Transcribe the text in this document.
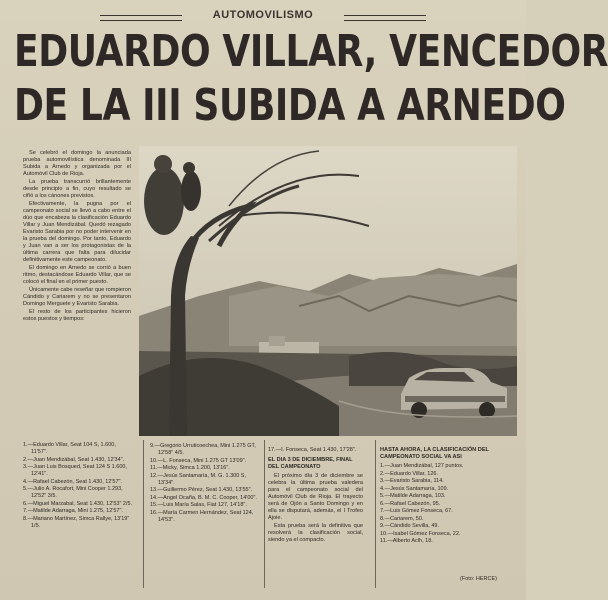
AUTOMOVILISMO
EDUARDO VILLAR, VENCEDOR
DE LA III SUBIDA A ARNEDO

Se celebró el domingo la anunciada prueba automovilística denominada III Subida a Arnedo y organizada por el Automóvil Club de Rioja.

La prueba transcurrió brillantemente desde principio a fin, cuyo resultado se ciñó a los cánones previstos.

Efectivamente, la pugna por el campeonato social se llevó a cabo entre el dúo que encabeza la clasificación Eduardo Villar y Juan Mendizábal. Quedó rezagado Evaristo Sarabia por no poder intervenir en la prueba del domingo. Por tanto, Eduardo y Juan van a ser los protagonistas de la última carrera que falta para dilucidar definitivamente este campeonato.

El domingo en Arnedo se corrió a buen ritmo, destacándose Eduardo Villar, que se colocó el final en el primer puesto.

Únicamente cabe reseñar que rompieron Cándido y Cariarem y no se presentaron Domingo Merguete y Evaristo Sarabia.

El resto de los participantes hicieron estos puestos y tiempos:

1.—Eduardo Villar, Seat 104 S, 1.600, 11'57".
2.—Juan Mendizábal, Seat 1.430, 12'34".
3.—Juan Luis Bosqued, Seat 124 S 1.600, 12'41".
4.—Rafael Cabezón, Seat 1.430, 12'57".
5.—Julio A. Rocafort, Mini Cooper 1.293, 12'52" 3/5.
6.—Miguel Marzabal, Seat 1.430, 12'53" 2/5.
7.—Matilde Adarraga, Mini 1.275, 12'57".
8.—Mariano Martínez, Simca Rallye, 13'19" 1/5.
9.—Gregorio Urruticoechea, Mini 1.275 GT, 12'58" 4/5.
10.—L. Fonseca, Mini 1.275 GT 13'09".
11.—Micky, Simca 1.200, 13'16".
12.—Jesús Santamaría, M. G. 1.300 S, 13'34".
13.—Guillermo Pérez, Seat 1.430, 13'55".
14.—Angel Ocaña, B. M. C. Cooper, 14'00".
15.—Luis María Salas, Fiat 127, 14'18".
16.—María Carmen Hernández, Seat 124, 14'53".
17.—I. Fonseca, Seat 1.430, 17'28".
EL DIA 3 DE DICIEMBRE, FINAL DEL CAMPEONATO

El próximo día 3 de diciembre se celebra la última prueba valedera para el campeonato social del Automóvil Club de Rioja. El trayecto será de Ojón a Santo Domingo y en ella se disputará, además, el I Trofeo Ajoie.

Esta prueba será la definitiva que resolverá la clasificación social, siendo ya el compacto.

HASTA AHORA, LA CLASIFICACIÓN DEL CAMPEONATO SOCIAL VA ASI
1.—Juan Mendizábal, 127 puntos.
2.—Eduardo Villar, 126.
3.—Evaristo Sarabia, 114.
4.—Jesús Santamaría, 109.
5.—Matilde Adarraga, 103.
6.—Rafael Cabezón, 95.
7.—Luis Gómez Fonseca, 67.
8.—Cariarem, 50.
9.—Cándido Sevilla, 49.
10.—Isabel Gómez Fonseca, 22.
11.—Alberto Aclh, 18.
(Foto: HERCE)
